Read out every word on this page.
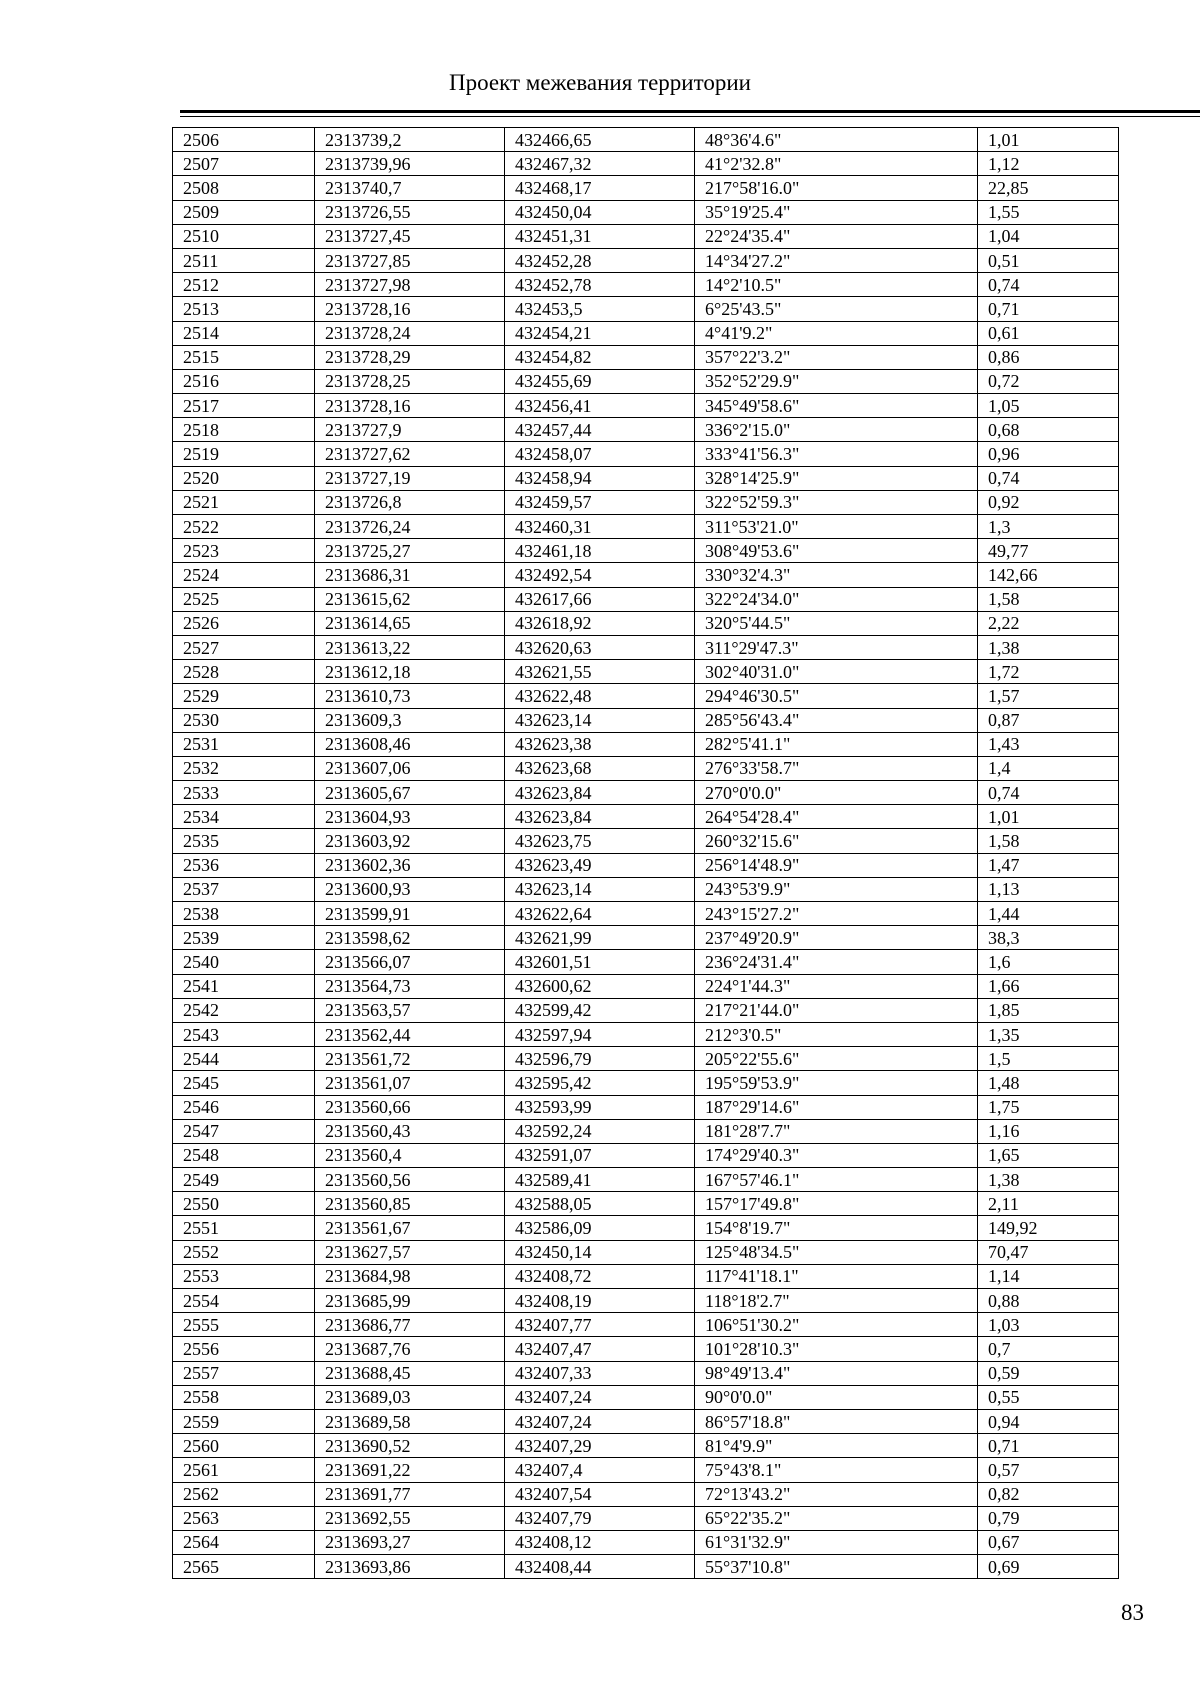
Проект межевания территории
2506	2313739,2	432466,65	48°36'4.6"	1,01
2507	2313739,96	432467,32	41°2'32.8"	1,12
2508	2313740,7	432468,17	217°58'16.0"	22,85
2509	2313726,55	432450,04	35°19'25.4"	1,55
2510	2313727,45	432451,31	22°24'35.4"	1,04
2511	2313727,85	432452,28	14°34'27.2"	0,51
2512	2313727,98	432452,78	14°2'10.5"	0,74
2513	2313728,16	432453,5	6°25'43.5"	0,71
2514	2313728,24	432454,21	4°41'9.2"	0,61
2515	2313728,29	432454,82	357°22'3.2"	0,86
2516	2313728,25	432455,69	352°52'29.9"	0,72
2517	2313728,16	432456,41	345°49'58.6"	1,05
2518	2313727,9	432457,44	336°2'15.0"	0,68
2519	2313727,62	432458,07	333°41'56.3"	0,96
2520	2313727,19	432458,94	328°14'25.9"	0,74
2521	2313726,8	432459,57	322°52'59.3"	0,92
2522	2313726,24	432460,31	311°53'21.0"	1,3
2523	2313725,27	432461,18	308°49'53.6"	49,77
2524	2313686,31	432492,54	330°32'4.3"	142,66
2525	2313615,62	432617,66	322°24'34.0"	1,58
2526	2313614,65	432618,92	320°5'44.5"	2,22
2527	2313613,22	432620,63	311°29'47.3"	1,38
2528	2313612,18	432621,55	302°40'31.0"	1,72
2529	2313610,73	432622,48	294°46'30.5"	1,57
2530	2313609,3	432623,14	285°56'43.4"	0,87
2531	2313608,46	432623,38	282°5'41.1"	1,43
2532	2313607,06	432623,68	276°33'58.7"	1,4
2533	2313605,67	432623,84	270°0'0.0"	0,74
2534	2313604,93	432623,84	264°54'28.4"	1,01
2535	2313603,92	432623,75	260°32'15.6"	1,58
2536	2313602,36	432623,49	256°14'48.9"	1,47
2537	2313600,93	432623,14	243°53'9.9"	1,13
2538	2313599,91	432622,64	243°15'27.2"	1,44
2539	2313598,62	432621,99	237°49'20.9"	38,3
2540	2313566,07	432601,51	236°24'31.4"	1,6
2541	2313564,73	432600,62	224°1'44.3"	1,66
2542	2313563,57	432599,42	217°21'44.0"	1,85
2543	2313562,44	432597,94	212°3'0.5"	1,35
2544	2313561,72	432596,79	205°22'55.6"	1,5
2545	2313561,07	432595,42	195°59'53.9"	1,48
2546	2313560,66	432593,99	187°29'14.6"	1,75
2547	2313560,43	432592,24	181°28'7.7"	1,16
2548	2313560,4	432591,07	174°29'40.3"	1,65
2549	2313560,56	432589,41	167°57'46.1"	1,38
2550	2313560,85	432588,05	157°17'49.8"	2,11
2551	2313561,67	432586,09	154°8'19.7"	149,92
2552	2313627,57	432450,14	125°48'34.5"	70,47
2553	2313684,98	432408,72	117°41'18.1"	1,14
2554	2313685,99	432408,19	118°18'2.7"	0,88
2555	2313686,77	432407,77	106°51'30.2"	1,03
2556	2313687,76	432407,47	101°28'10.3"	0,7
2557	2313688,45	432407,33	98°49'13.4"	0,59
2558	2313689,03	432407,24	90°0'0.0"	0,55
2559	2313689,58	432407,24	86°57'18.8"	0,94
2560	2313690,52	432407,29	81°4'9.9"	0,71
2561	2313691,22	432407,4	75°43'8.1"	0,57
2562	2313691,77	432407,54	72°13'43.2"	0,82
2563	2313692,55	432407,79	65°22'35.2"	0,79
2564	2313693,27	432408,12	61°31'32.9"	0,67
2565	2313693,86	432408,44	55°37'10.8"	0,69
83
